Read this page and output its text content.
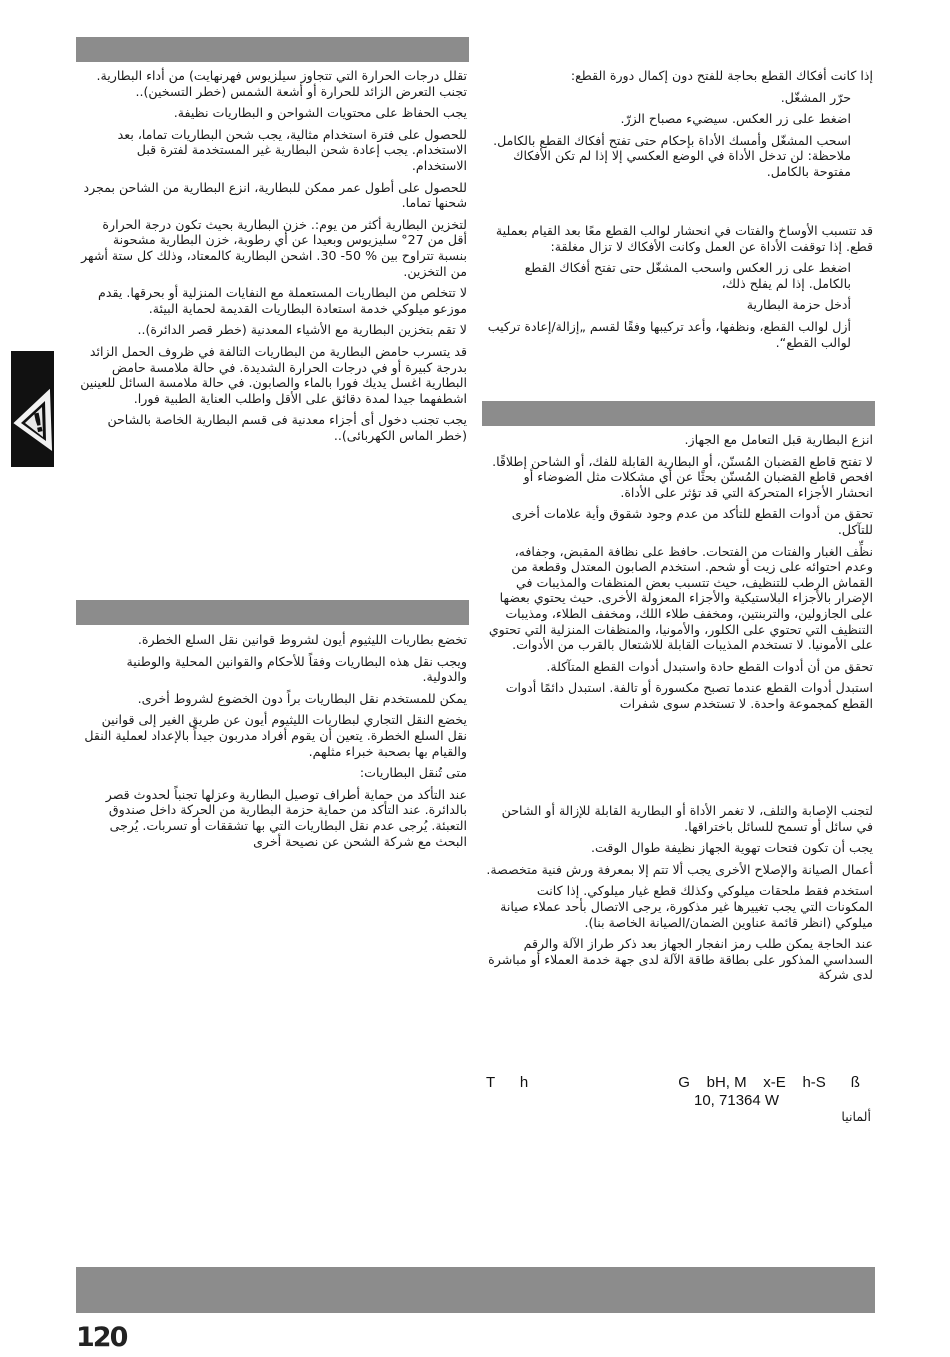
!

تقلل درجات الحرارة التي تتجاوز سيلزيوس فهرنهايت) من أداء البطارية. تجنب التعرض الزائد للحرارة أو أشعة الشمس (خطر التسخين)..

يجب الحفاظ على محتويات الشواحن و البطاريات نظيفة.

للحصول على فترة استخدام مثالية، يجب شحن البطاريات تماما، بعد الاستخدام. يجب إعادة شحن البطارية غير المستخدمة لفترة قبل الاستخدام.

للحصول على أطول عمر ممكن للبطارية، انزع البطارية من الشاحن بمجرد شحنها تماما.

لتخزين البطارية أكثر من يوم:. خزن البطارية بحيث تكون درجة الحرارة أقل من 27° سليزيوس وبعيدا عن أي رطوبة، خزن البطارية مشحونة بنسبة تتراوح بين % 50- 30. اشحن البطارية كالمعتاد، وذلك كل ستة أشهر من التخزين.

لا تتخلص من البطاريات المستعملة مع النفايات المنزلية أو بحرقها. يقدم موزعو ميلوكي خدمة استعادة البطاريات القديمة لحماية البيئة.

لا تقم بتخزين البطارية مع الأشياء المعدنية (خطر قصر الدائرة)..

قد يتسرب حامض البطارية من البطاريات التالفة في ظروف الحمل الزائد بدرجة كبيرة أو في درجات الحرارة الشديدة. في حالة ملامسة حامض البطارية اغسل يديك فورا بالماء والصابون. في حالة ملامسة السائل للعينين اشطفهما جيدا لمدة دقائق على الأقل واطلب العناية الطبية فورا.

يجب تجنب دخول أى أجزاء معدنية فى قسم البطارية الخاصة بالشاحن (خطر الماس الكهربائى)..

تخضع بطاريات الليثيوم أيون لشروط قوانين نقل السلع الخطرة.

ويجب نقل هذه البطاريات وفقاً للأحكام والقوانين المحلية والوطنية والدولية.

يمكن للمستخدم نقل البطاريات براً دون الخضوع لشروط أخرى.

يخضع النقل التجاري لبطاريات الليثيوم أيون عن طريق الغير إلى قوانين نقل السلع الخطرة. يتعين أن يقوم أفراد مدربون جيداً بالإعداد لعملية النقل والقيام بها بصحبة خبراء مثلهم.

متى تُنقل البطاريات:

عند التأكد من حماية أطراف توصيل البطارية وعزلها تجنباً لحدوث قصر بالدائرة. عند التأكد من حماية حزمة البطارية من الحركة داخل صندوق التعبئة. يُرجى عدم نقل البطاريات التي بها تشققات أو تسربات. يُرجى البحث مع شركة الشحن عن نصيحة أخرى

إذا كانت أفكاك القطع بحاجة للفتح دون إكمال دورة القطع:

حرّر المشغّل.

اضغط على زر العكس. سيضيء مصباح الزرّ.

اسحب المشغّل وأمسك الأداة بإحكام حتى تفتح أفكاك القطع بالكامل. ملاحظة: لن تدخل الأداة في الوضع العكسي إلا إذا لم تكن الأفكاك مفتوحة بالكامل.

قد تتسبب الأوساخ والفتات في انحشار لوالب القطع معًا بعد القيام بعملية قطع. إذا توقفت الأداة عن العمل وكانت الأفكاك لا تزال مغلقة:

اضغط على زر العكس واسحب المشغّل حتى تفتح أفكاك القطع بالكامل. إذا لم يفلح ذلك،

أدخل حزمة البطارية

أزل لوالب القطع، ونظفها، وأعد تركيبها وفقًا لقسم „إزالة/إعادة تركيب لوالب القطع“.

انزع البطارية قبل التعامل مع الجهاز.

لا تفتح قاطع القضبان المُسنّن، أو البطارية القابلة للفك، أو الشاحن إطلاقًا. افحص قاطع القضبان المُسنّن بحثًا عن أي مشكلات مثل الضوضاء أو انحشار الأجزاء المتحركة التي قد تؤثر على الأداة.

تحقق من أدوات القطع للتأكد من عدم وجود شقوق وأية علامات أخرى للتآكل.

نظِّف الغبار والفتات من الفتحات. حافظ على نظافة المقبض، وجفافه، وعدم احتوائه على زيت أو شحم. استخدم الصابون المعتدل وقطعة من القماش الرطب للتنظيف، حيث تتسبب بعض المنظفات والمذيبات في الإضرار بالأجزاء البلاستيكية والأجزاء المعزولة الأخرى. حيث يحتوي بعضها على الجازولين، والتربنتين، ومخفف طلاء اللك، ومخفف الطلاء، ومذيبات التنظيف التي تحتوي على الكلور، والأمونيا، والمنظفات المنزلية التي تحتوي على الأمونيا. لا تستخدم المذيبات القابلة للاشتعال بالقرب من الأدوات.

تحقق من أن أدوات القطع حادة واستبدل أدوات القطع المتآكلة.

استبدل أدوات القطع عندما تصبح مكسورة أو تالفة. استبدل دائمًا أدوات القطع كمجموعة واحدة. لا تستخدم سوى شفرات

لتجنب الإصابة والتلف، لا تغمر الأداة أو البطارية القابلة للإزالة أو الشاحن في سائل أو تسمح للسائل باختراقها.

يجب أن تكون فتحات تهوية الجهاز نظيفة طوال الوقت.

أعمال الصيانة والإصلاح الأخرى يجب ألا تتم إلا بمعرفة ورش فنية متخصصة.

استخدم فقط ملحقات ميلوكي وكذلك قطع غيار ميلوكي. إذا كانت المكونات التي يجب تغييرها غير مذكورة، يرجى الاتصال بأحد عملاء صيانة ميلوكي (انظر قائمة عناوين الضمان/الصيانة الخاصة بنا).

عند الحاجة يمكن طلب رمز انفجار الجهاز بعد ذكر طراز الآلة والرقم السداسي المذكور على بطاقة طاقة الآلة لدى جهة خدمة العملاء أو مباشرة لدى شركة

T      h                                    G    bH, M    x-E    h-S      ß
10, 71364 W
ألمانيا
120
